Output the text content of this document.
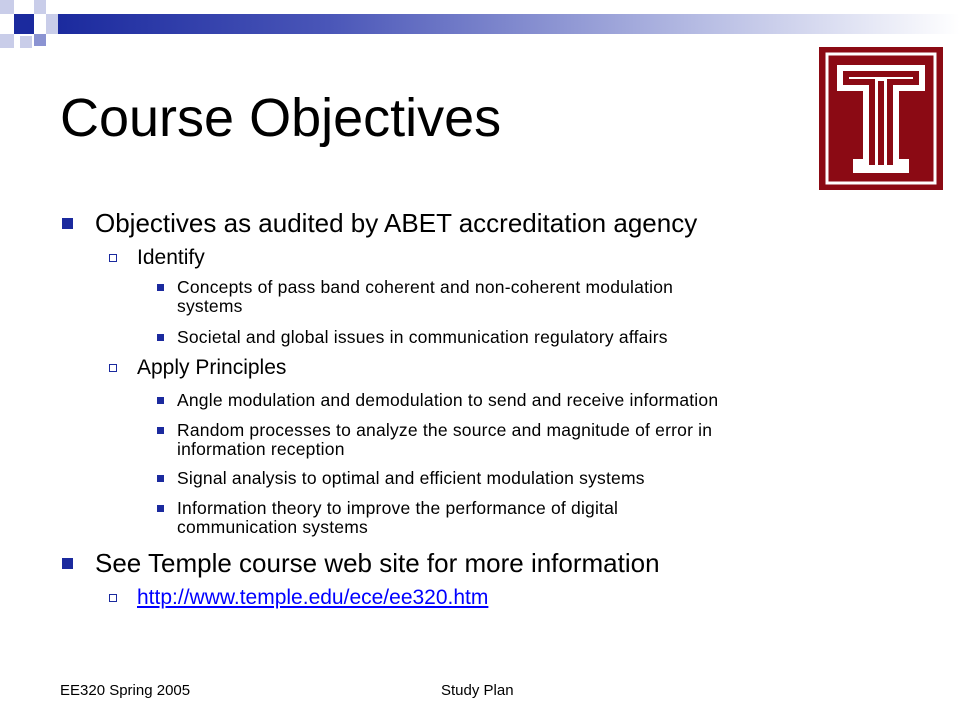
Course Objectives
Objectives as audited by ABET accreditation agency
Identify
Concepts of pass band coherent and non-coherent modulation
systems
Societal and global issues in communication regulatory affairs
Apply Principles
Angle modulation and demodulation to send and receive information
Random processes to analyze the source and magnitude of error in
information reception
Signal analysis to optimal and efficient modulation systems
Information theory to improve the performance of digital
communication systems
See Temple course web site for more information
http://www.temple.edu/ece/ee320.htm
EE320 Spring 2005	Study Plan
